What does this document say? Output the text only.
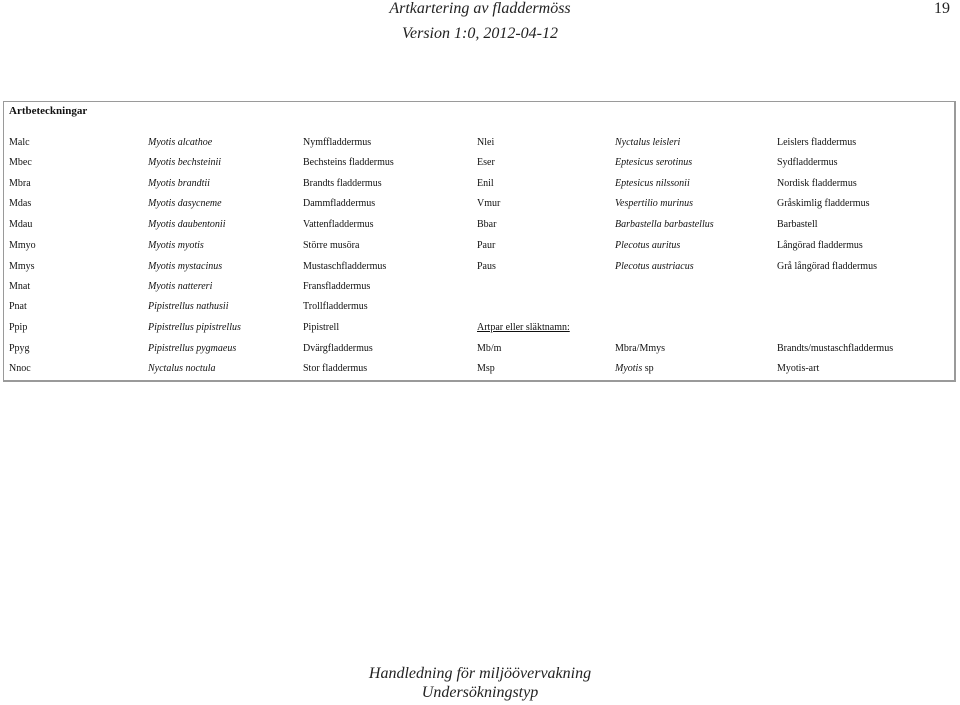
Artkartering av fladdermöss
Version 1:0, 2012-04-12
19
Artbeteckningar
Malc	Myotis alcathoe	Nymffladdermus	Nlei	Nyctalus leisleri	Leislers fladdermus
Mbec	Myotis bechsteinii	Bechsteins fladdermus	Eser	Eptesicus serotinus	Sydfladdermus
Mbra	Myotis brandtii	Brandts fladdermus	Enil	Eptesicus nilssonii	Nordisk fladdermus
Mdas	Myotis dasycneme	Dammfladdermus	Vmur	Vespertilio murinus	Gråskimlig fladdermus
Mdau	Myotis daubentonii	Vattenfladdermus	Bbar	Barbastella barbastellus	Barbastell
Mmyo	Myotis myotis	Större musöra	Paur	Plecotus auritus	Långörad fladdermus
Mmys	Myotis mystacinus	Mustaschfladdermus	Paus	Plecotus austriacus	Grå långörad fladdermus
Mnat	Myotis nattereri	Fransfladdermus
Pnat	Pipistrellus nathusii	Trollfladdermus
Ppip	Pipistrellus pipistrellus	Pipistrell	Artpar eller släktnamn:
Ppyg	Pipistrellus pygmaeus	Dvärgfladdermus	Mb/m	Mbra/Mmys	Brandts/mustaschfladdermus
Nnoc	Nyctalus noctula	Stor fladdermus	Msp	Myotis sp	Myotis-art
Handledning för miljöövervakning
Undersökningstyp
